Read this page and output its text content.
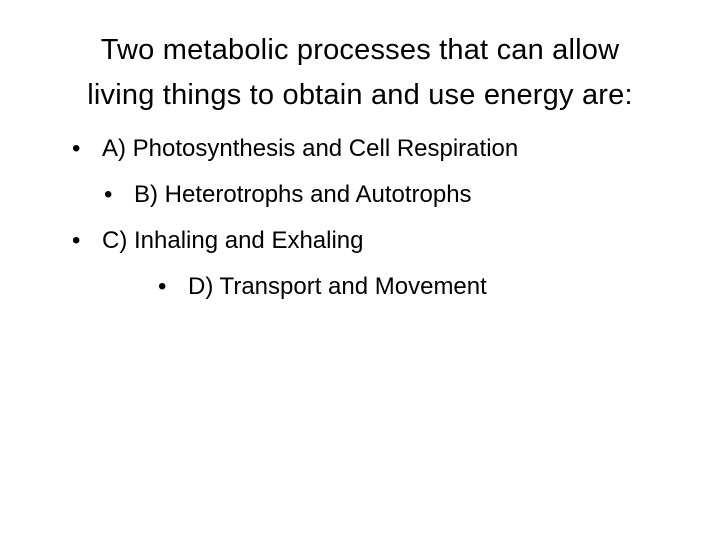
Two metabolic processes that can allow
living things to obtain and use energy are:
• A) Photosynthesis and Cell Respiration
• B) Heterotrophs and Autotrophs
• C) Inhaling and Exhaling
• D) Transport and Movement
